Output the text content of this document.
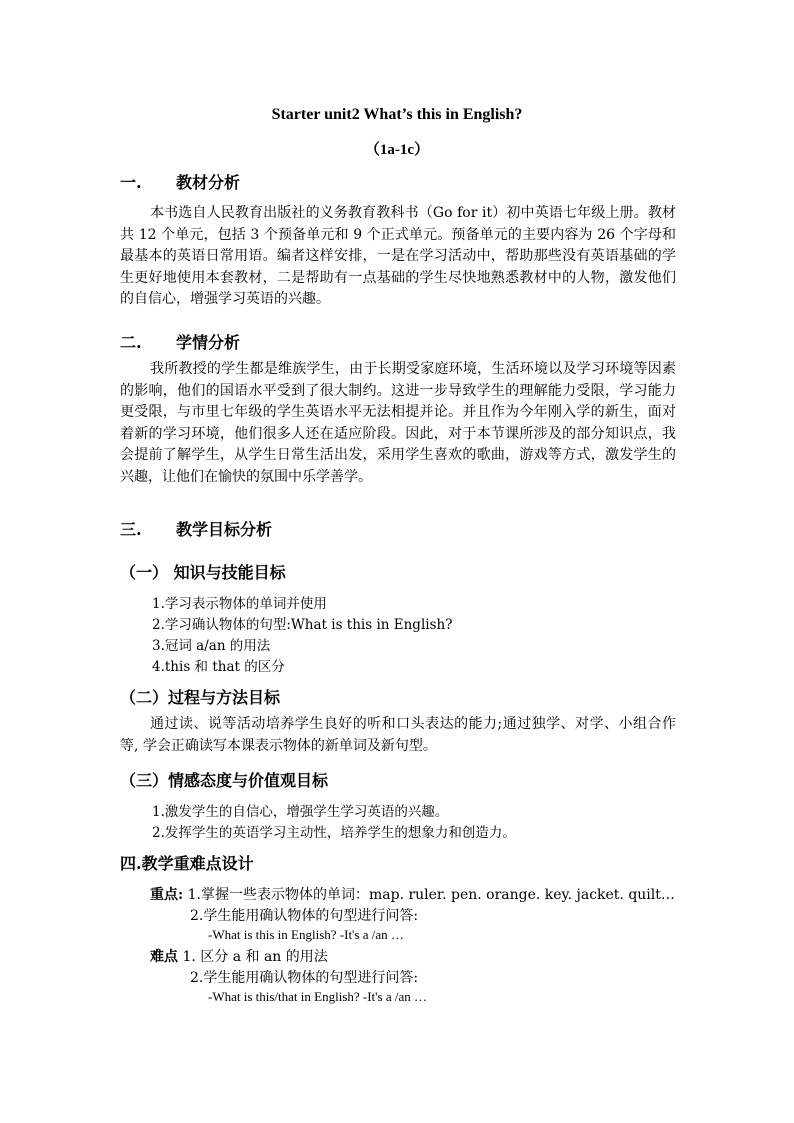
Starter unit2 What’s this in English?
（1a-1c）
一. 教材分析
本书选自人民教育出版社的义务教育教科书（Go for it）初中英语七年级上册。教材共 12 个单元，包括 3 个预备单元和 9 个正式单元。预备单元的主要内容为 26 个字母和最基本的英语日常用语。编者这样安排，一是在学习活动中，帮助那些没有英语基础的学生更好地使用本套教材，二是帮助有一点基础的学生尽快地熟悉教材中的人物，激发他们的自信心，增强学习英语的兴趣。
二. 学情分析
我所教授的学生都是维族学生，由于长期受家庭环境，生活环境以及学习环境等因素的影响，他们的国语水平受到了很大制约。这进一步导致学生的理解能力受限，学习能力更受限，与市里七年级的学生英语水平无法相提并论。并且作为今年刚入学的新生，面对着新的学习环境，他们很多人还在适应阶段。因此，对于本节课所涉及的部分知识点，我会提前了解学生，从学生日常生活出发，采用学生喜欢的歌曲，游戏等方式，激发学生的兴趣，让他们在愉快的氛围中乐学善学。
三. 教学目标分析
（一） 知识与技能目标
1.学习表示物体的单词并使用
2.学习确认物体的句型:What is this in English?
3.冠词 a/an 的用法
4.this 和 that 的区分
（二）过程与方法目标
通过读、说等活动培养学生良好的听和口头表达的能力;通过独学、对学、小组合作等, 学会正确读写本课表示物体的新单词及新句型。
（三）情感态度与价值观目标
1.激发学生的自信心，增强学生学习英语的兴趣。
2.发挥学生的英语学习主动性，培养学生的想象力和创造力。
四.教学重难点设计
重点: 1.掌握一些表示物体的单词：map. ruler. pen. orange. key. jacket. quilt…
2.学生能用确认物体的句型进行问答:
-What is this in English? -It's a /an …
难点 1. 区分 a 和 an 的用法
2.学生能用确认物体的句型进行问答:
-What is this/that in English? -It's a /an …
